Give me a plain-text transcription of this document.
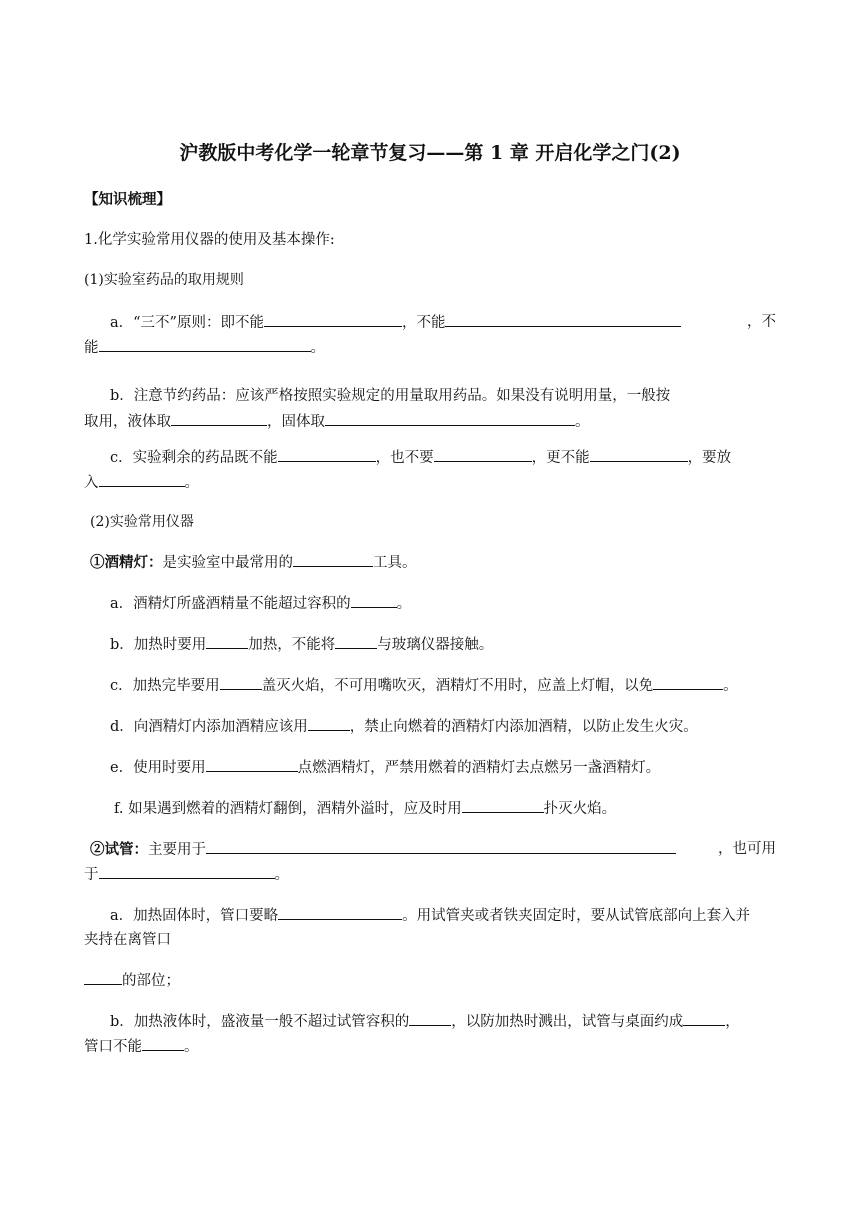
沪教版中考化学一轮章节复习——第 1 章 开启化学之门(2)
【知识梳理】
1.化学实验常用仪器的使用及基本操作:
(1)实验室药品的取用规则
a．“三不”原则：即不能	，不能	，不
能	。
b．注意节约药品：应该严格按照实验规定的用量取用药品。如果没有说明用量，一般按
取用，液体取	，固体取	。
c．实验剩余的药品既不能	，也不要	，更不能	，要放
入	。
(2)实验常用仪器
①酒精灯：是实验室中最常用的	工具。
a．酒精灯所盛酒精量不能超过容积的	。
b．加热时要用	加热，不能将	与玻璃仪器接触。
c．加热完毕要用	盖灭火焰，不可用嘴吹灭，酒精灯不用时，应盖上灯帽，以免	。
d．向酒精灯内添加酒精应该用	，禁止向燃着的酒精灯内添加酒精，以防止发生火灾。
e．使用时要用	点燃酒精灯，严禁用燃着的酒精灯去点燃另一盏酒精灯。
f. 如果遇到燃着的酒精灯翻倒，酒精外溢时，应及时用	扑灭火焰。
②试管：主要用于	，也可用
于	。
a．加热固体时，管口要略	。用试管夹或者铁夹固定时，要从试管底部向上套入并
夹持在离管口
的部位；
b．加热液体时，盛液量一般不超过试管容积的	，以防加热时溅出，试管与桌面约成	，
管口不能	。
